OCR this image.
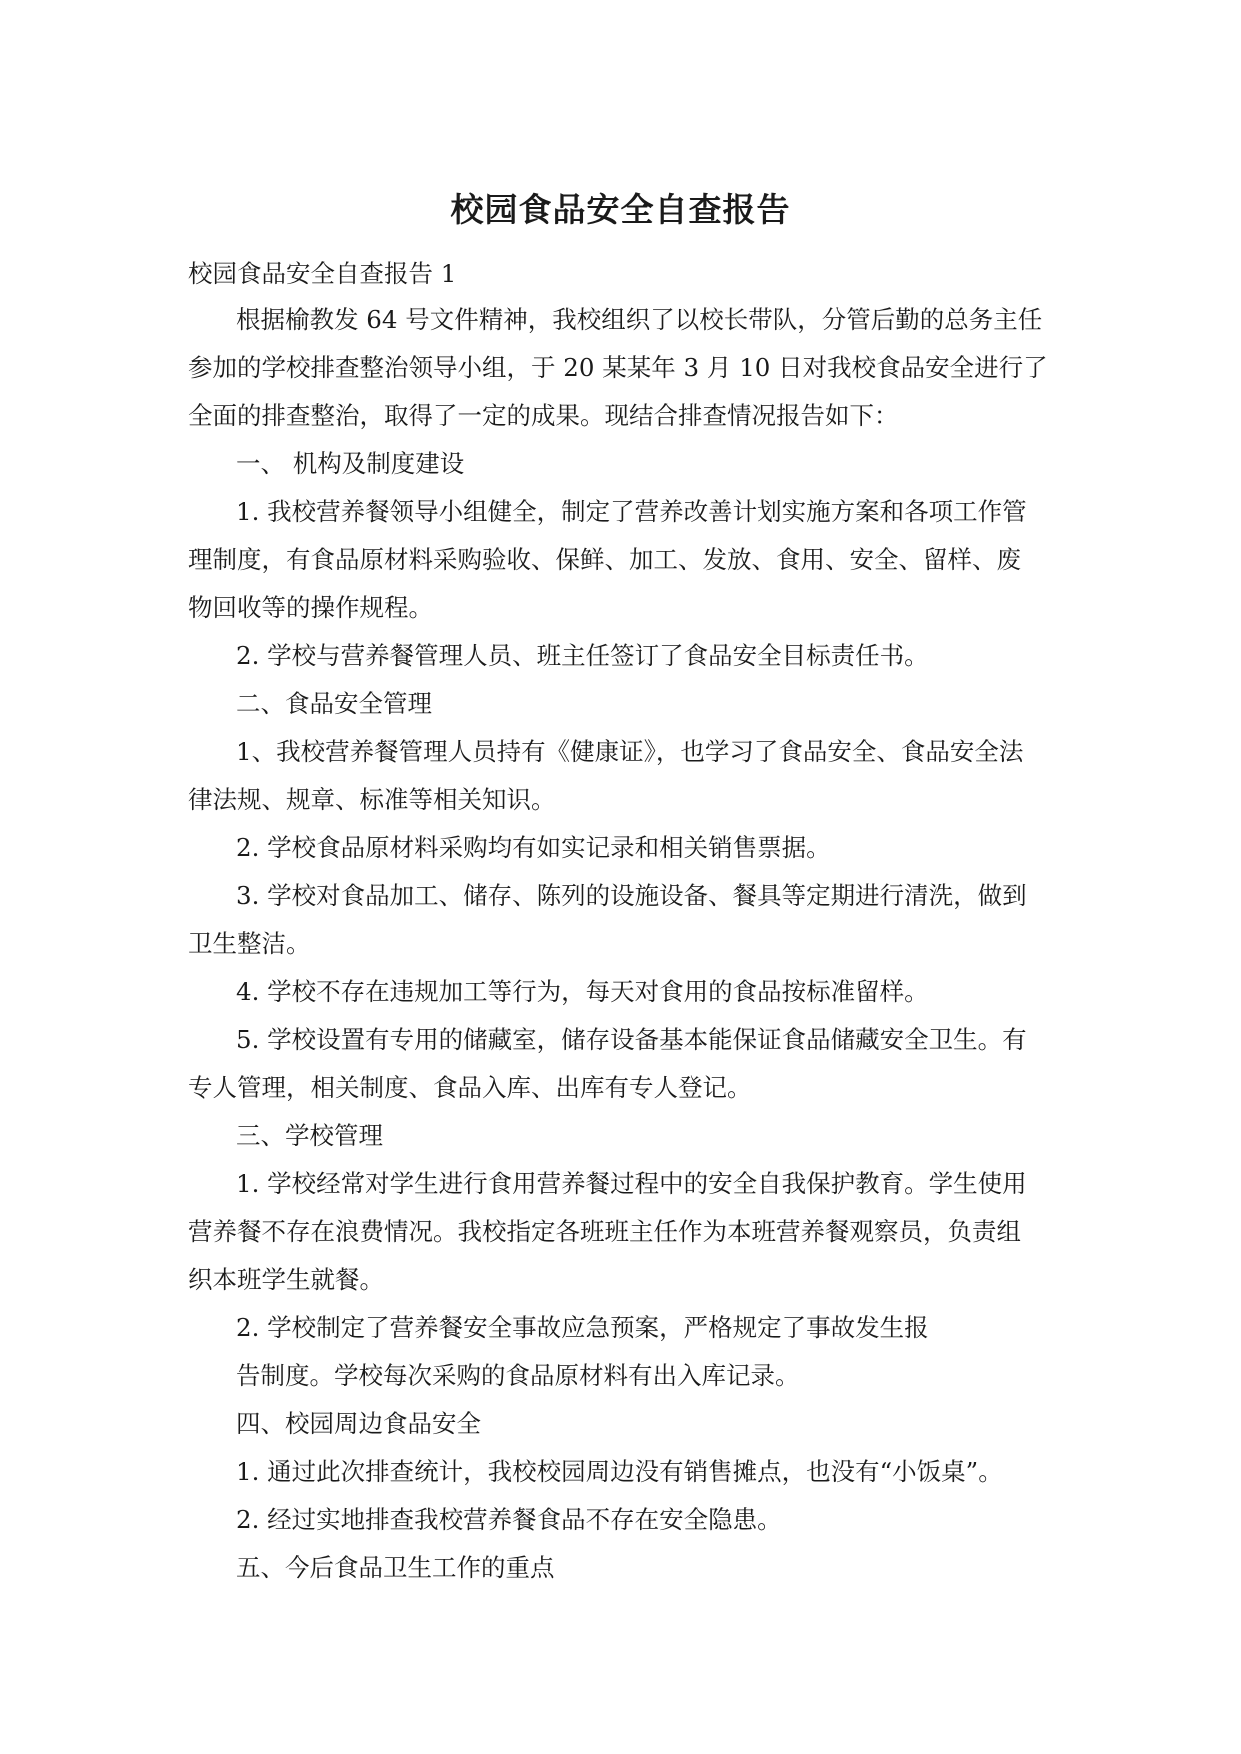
校园食品安全自查报告

校园食品安全自查报告 1

根据榆教发 64 号文件精神，我校组织了以校长带队，分管后勤的总务主任

参加的学校排查整治领导小组，于 20 某某年 3 月 10 日对我校食品安全进行了

全面的排查整治，取得了一定的成果。现结合排查情况报告如下：

一、 机构及制度建设

1. 我校营养餐领导小组健全，制定了营养改善计划实施方案和各项工作管

理制度，有食品原材料采购验收、保鲜、加工、发放、食用、安全、留样、废

物回收等的操作规程。

2. 学校与营养餐管理人员、班主任签订了食品安全目标责任书。

二、食品安全管理

1、我校营养餐管理人员持有《健康证》，也学习了食品安全、食品安全法

律法规、规章、标准等相关知识。

2. 学校食品原材料采购均有如实记录和相关销售票据。

3. 学校对食品加工、储存、陈列的设施设备、餐具等定期进行清洗，做到

卫生整洁。

4. 学校不存在违规加工等行为，每天对食用的食品按标准留样。

5. 学校设置有专用的储藏室，储存设备基本能保证食品储藏安全卫生。有

专人管理，相关制度、食品入库、出库有专人登记。

三、学校管理

1. 学校经常对学生进行食用营养餐过程中的安全自我保护教育。学生使用

营养餐不存在浪费情况。我校指定各班班主任作为本班营养餐观察员，负责组

织本班学生就餐。

2. 学校制定了营养餐安全事故应急预案，严格规定了事故发生报

告制度。学校每次采购的食品原材料有出入库记录。

四、校园周边食品安全

1. 通过此次排查统计，我校校园周边没有销售摊点，也没有“小饭桌”。

2. 经过实地排查我校营养餐食品不存在安全隐患。

五、今后食品卫生工作的重点
